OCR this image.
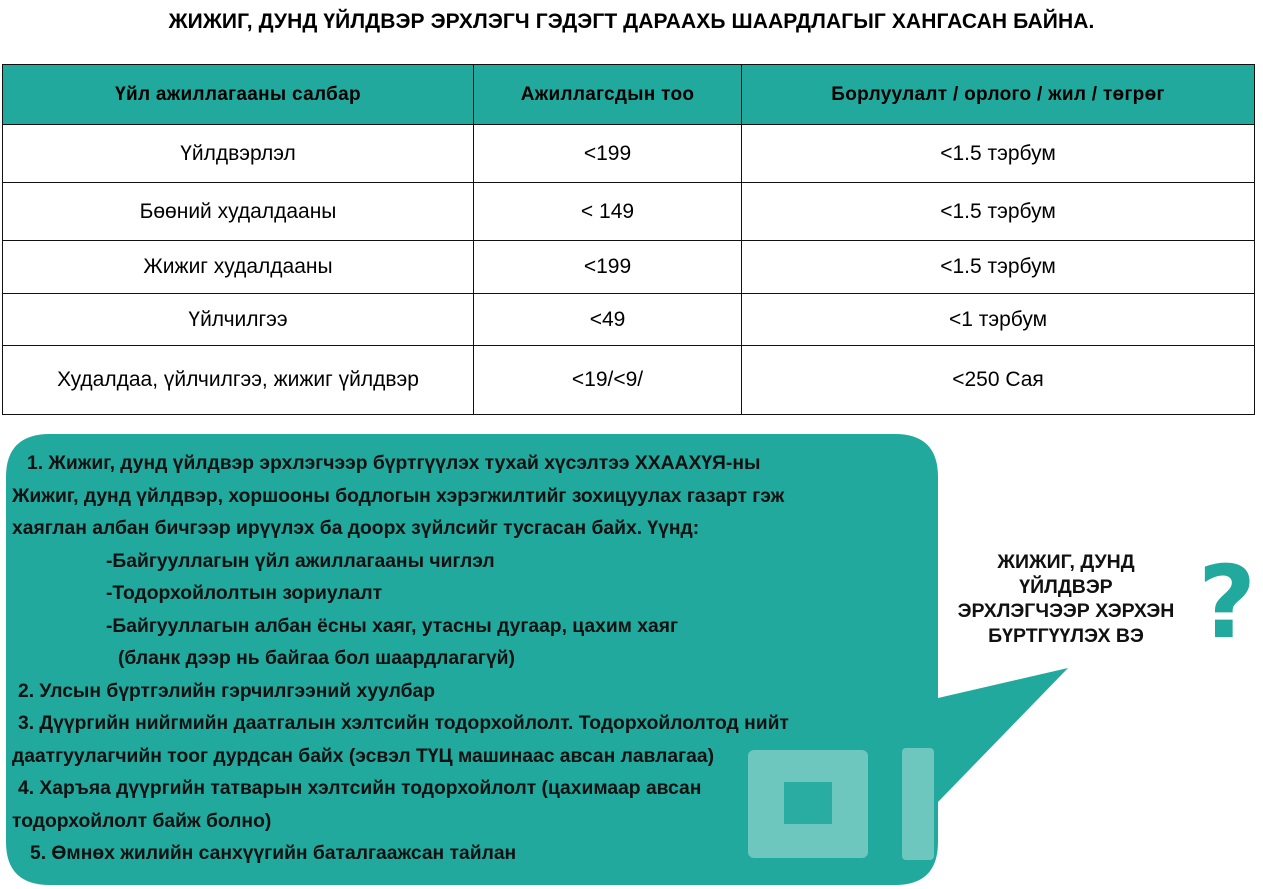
ЖИЖИГ, ДУНД ҮЙЛДВЭР ЭРХЛЭГЧ ГЭДЭГТ ДАРААХЬ ШААРДЛАГЫГ ХАНГАСАН БАЙНА.
Үйл ажиллагааны салбар	Ажиллагсдын тоо	Борлуулалт / орлого / жил / төгрөг
Үйлдвэрлэл	<199	<1.5 тэрбум
Бөөний худалдааны	< 149	<1.5 тэрбум
Жижиг худалдааны	<199	<1.5 тэрбум
Үйлчилгээ	<49	<1 тэрбум
Худалдаа, үйлчилгээ, жижиг үйлдвэр	<19/<9/	<250 Сая
1. Жижиг, дунд үйлдвэр эрхлэгчээр бүртгүүлэх тухай хүсэлтээ ХХААХҮЯ-ны
Жижиг, дунд үйлдвэр, хоршооны бодлогын хэрэгжилтийг зохицуулах газарт гэж
хаяглан албан бичгээр ирүүлэх ба доорх зүйлсийг тусгасан байх. Үүнд:
-Байгууллагын үйл ажиллагааны чиглэл
-Тодорхойлолтын зориулалт
-Байгууллагын албан ёсны хаяг, утасны дугаар, цахим хаяг
(бланк дээр нь байгаа бол шаардлагагүй)
2. Улсын бүртгэлийн гэрчилгээний хуулбар
3. Дүүргийн нийгмийн даатгалын хэлтсийн тодорхойлолт. Тодорхойлолтод нийт
даатгуулагчийн тоог дурдсан байх (эсвэл ТҮЦ машинаас авсан лавлагаа)
4. Харъяа дүүргийн татварын хэлтсийн тодорхойлолт (цахимаар авсан
тодорхойлолт байж болно)
5. Өмнөх жилийн санхүүгийн баталгаажсан тайлан
ЖИЖИГ, ДУНД
ҮЙЛДВЭР
ЭРХЛЭГЧЭЭР ХЭРХЭН
БҮРТГҮҮЛЭХ ВЭ ?
